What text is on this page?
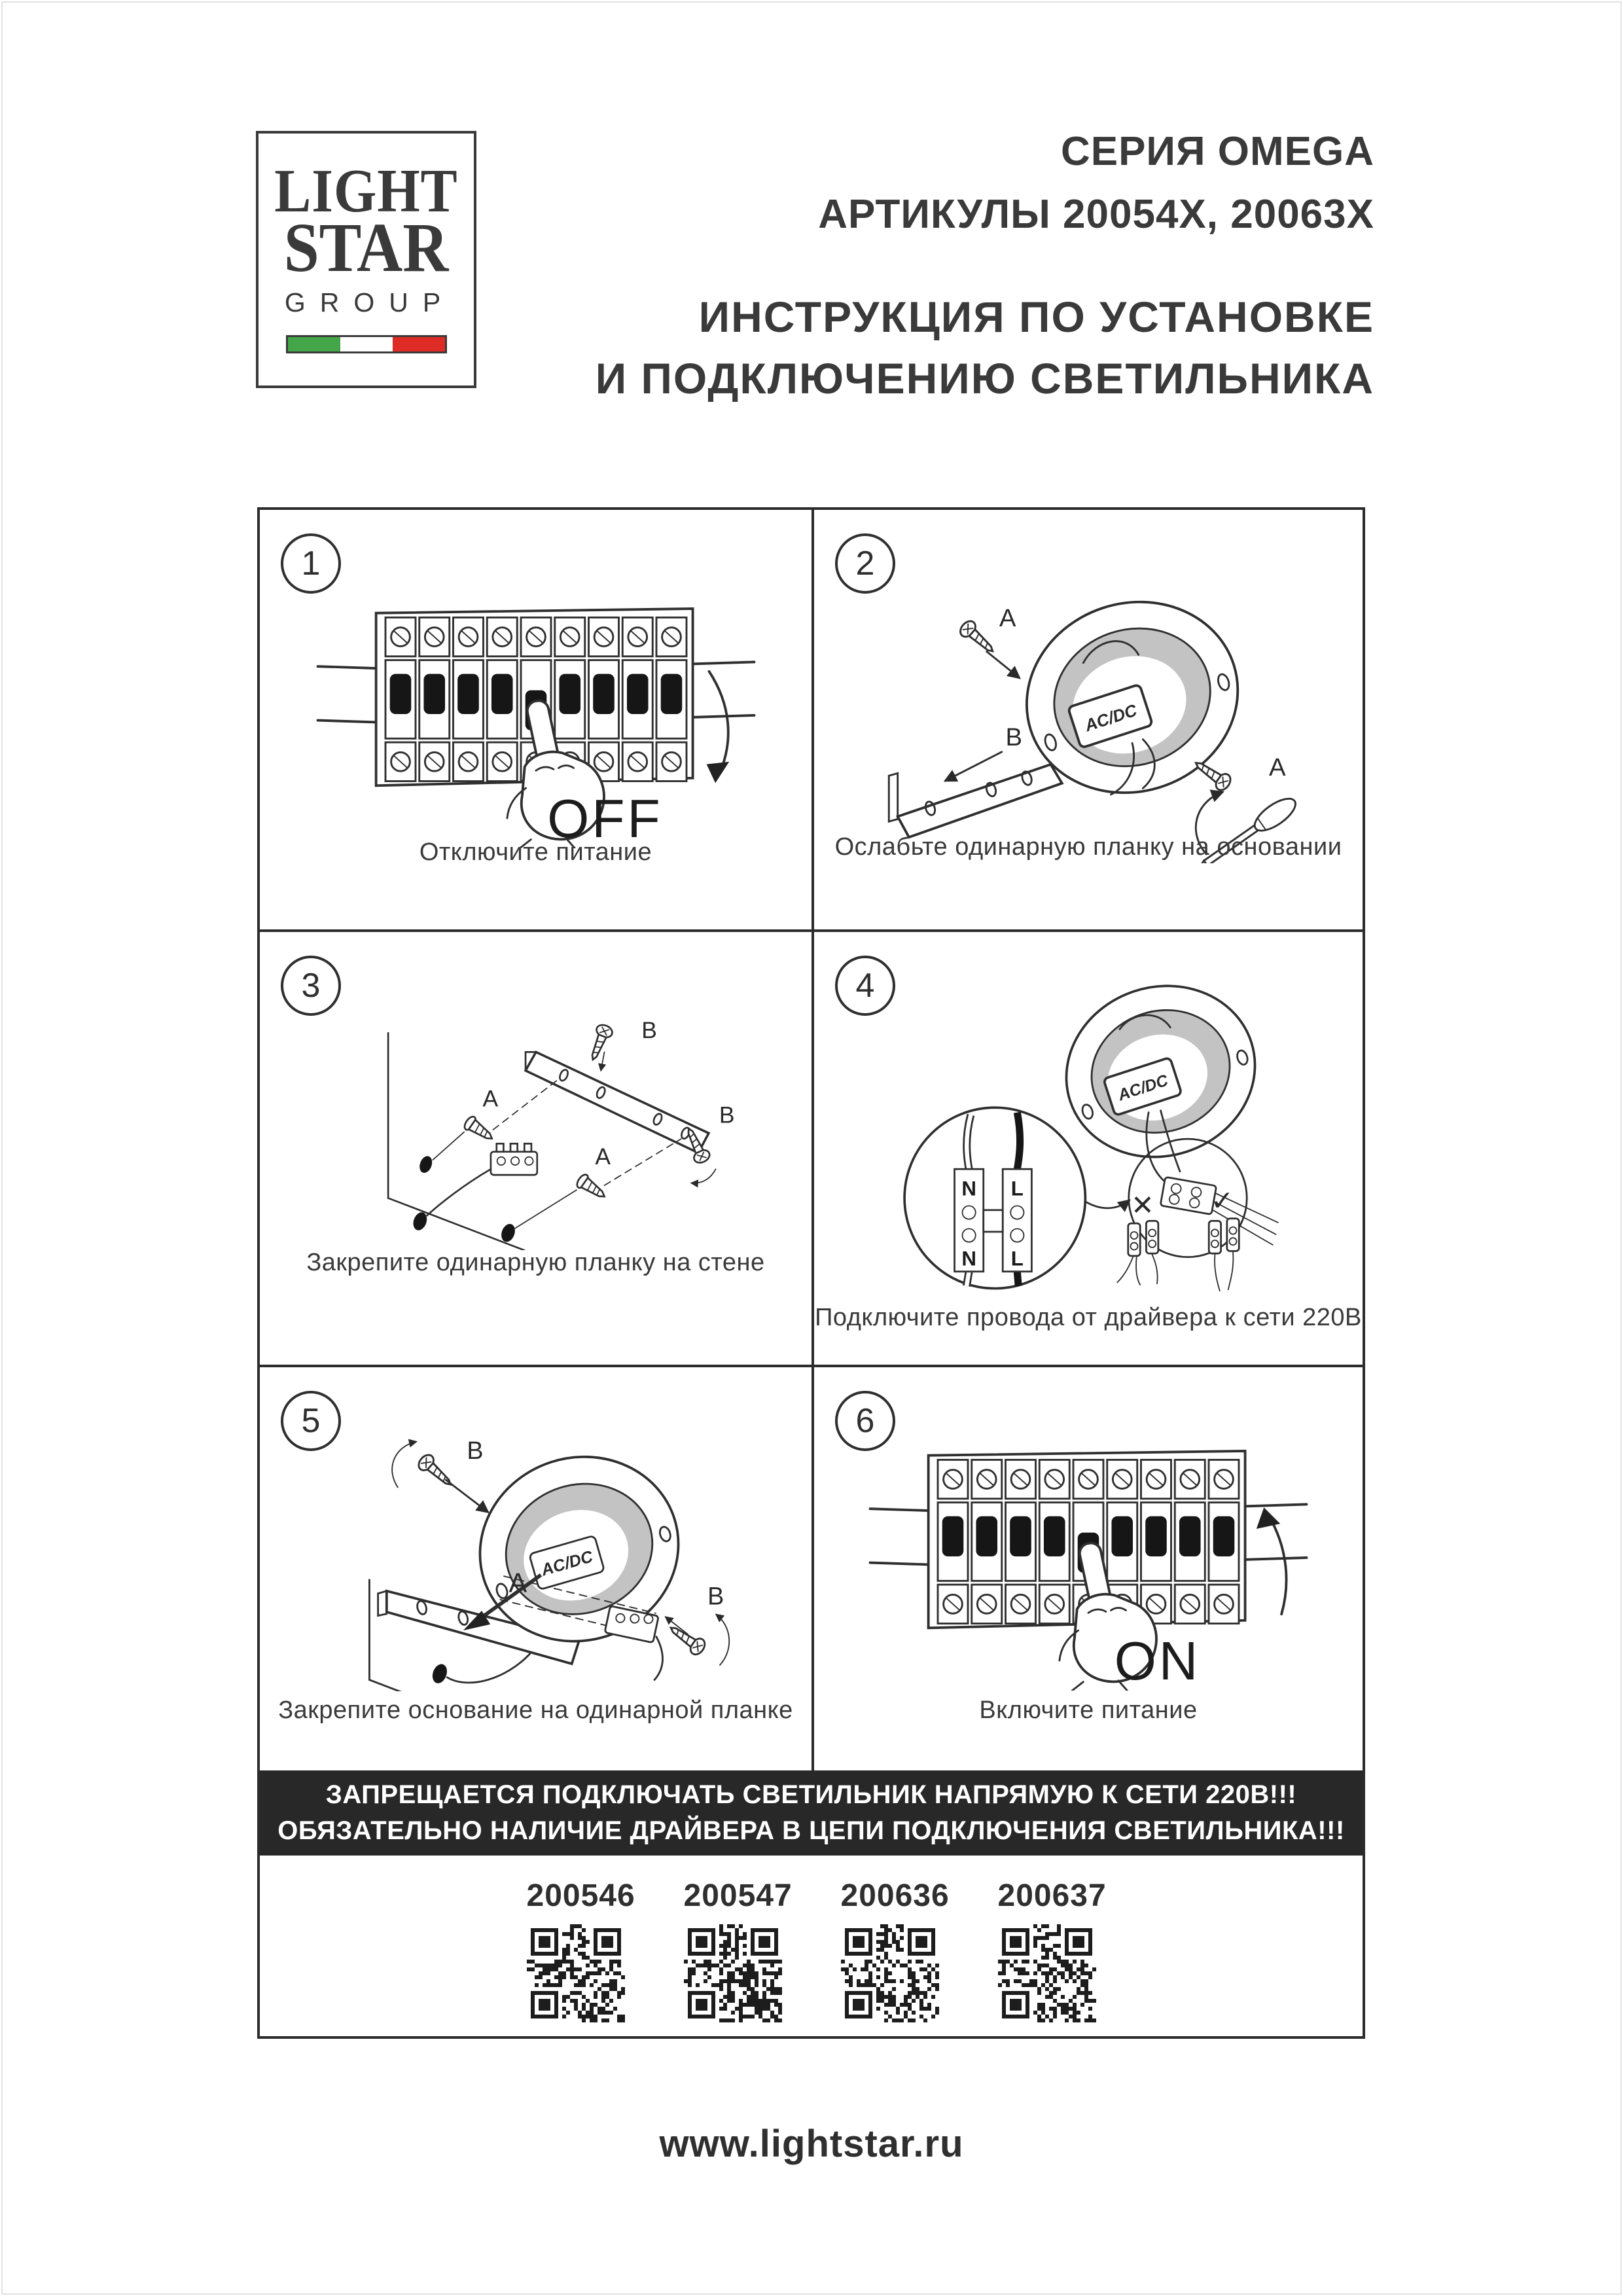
LIGHT
STAR
GROUP
СЕРИЯ OMEGA
АРТИКУЛЫ 20054Х, 20063Х
ИНСТРУКЦИЯ ПО УСТАНОВКЕ
И ПОДКЛЮЧЕНИЮ СВЕТИЛЬНИКА
1
OFF
Отключите питание
2
AC/DC
A
B
A
Ослабьте одинарную планку на основании
3
B
B
A
A
Закрепите одинарную планку на стене
4
AC/DC
N
N
L
L
✕ ✓
Подключите провода от драйвера к сети 220В
5
AC/DC
B
B
A
Закрепите основание на одинарной планке
6
ON
Включите питание
ЗАПРЕЩАЕТСЯ ПОДКЛЮЧАТЬ СВЕТИЛЬНИК НАПРЯМУЮ К СЕТИ 220В!!!
ОБЯЗАТЕЛЬНО НАЛИЧИЕ ДРАЙВЕРА В ЦЕПИ ПОДКЛЮЧЕНИЯ СВЕТИЛЬНИКА!!!
200546 200547 200636 200637
www.lightstar.ru
